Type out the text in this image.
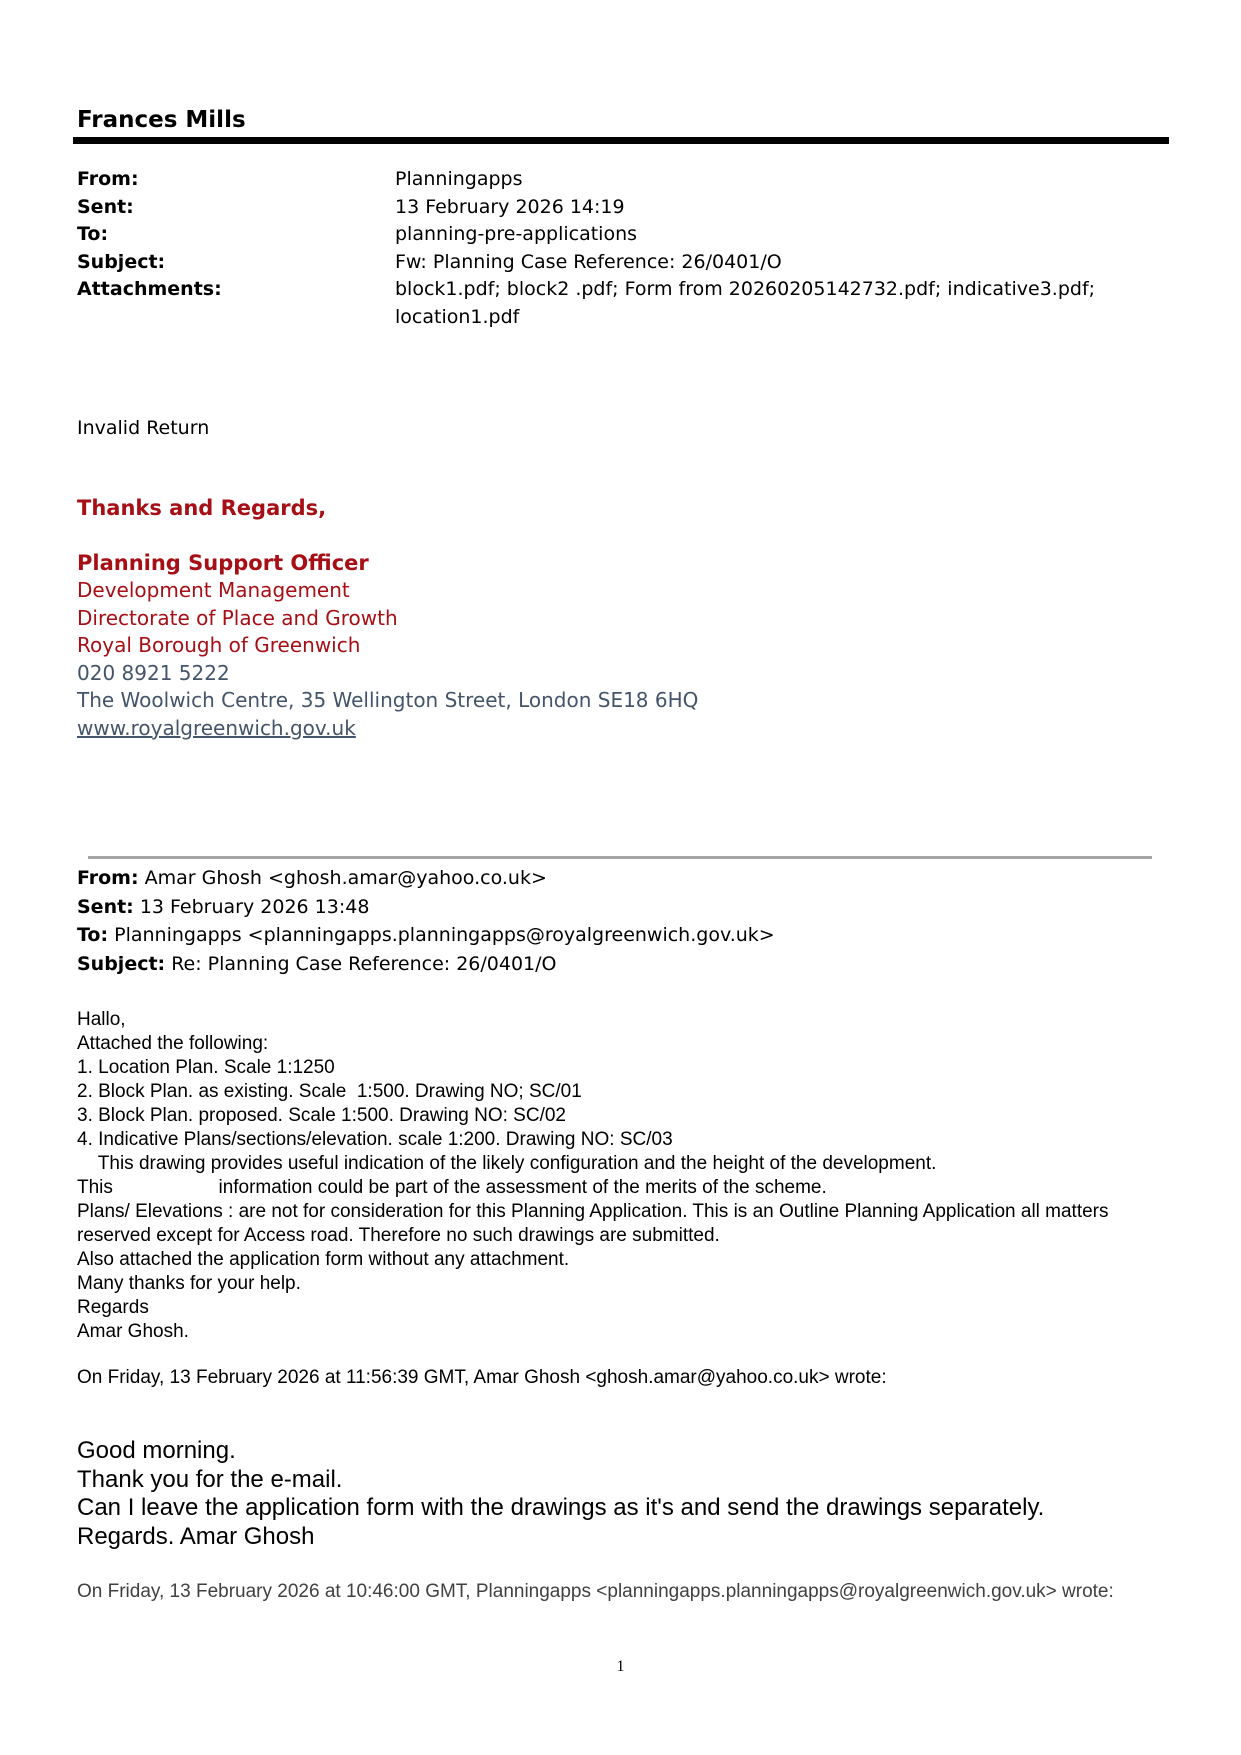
Frances Mills
From:	Planningapps
Sent:	13 February 2026 14:19
To:	planning-pre-applications
Subject:	Fw: Planning Case Reference: 26/0401/O
Attachments:	block1.pdf; block2 .pdf; Form from 20260205142732.pdf; indicative3.pdf;
location1.pdf
Invalid Return
Thanks and Regards,
Planning Support Officer
Development Management
Directorate of Place and Growth
Royal Borough of Greenwich
020 8921 5222
The Woolwich Centre, 35 Wellington Street, London SE18 6HQ
www.royalgreenwich.gov.uk
From: Amar Ghosh <ghosh.amar@yahoo.co.uk>
Sent: 13 February 2026 13:48
To: Planningapps <planningapps.planningapps@royalgreenwich.gov.uk>
Subject: Re: Planning Case Reference: 26/0401/O
Hallo,
Attached the following:
1. Location Plan. Scale 1:1250
2. Block Plan. as existing. Scale  1:500. Drawing NO; SC/01
3. Block Plan. proposed. Scale 1:500. Drawing NO: SC/02
4. Indicative Plans/sections/elevation. scale 1:200. Drawing NO: SC/03
This drawing provides useful indication of the likely configuration and the height of the development.
This                    information could be part of the assessment of the merits of the scheme.
Plans/ Elevations : are not for consideration for this Planning Application. This is an Outline Planning Application all matters reserved except for Access road. Therefore no such drawings are submitted.
Also attached the application form without any attachment.
Many thanks for your help.
Regards
Amar Ghosh.
On Friday, 13 February 2026 at 11:56:39 GMT, Amar Ghosh <ghosh.amar@yahoo.co.uk> wrote:
Good morning.
Thank you for the e-mail.
Can I leave the application form with the drawings as it's and send the drawings separately.
Regards. Amar Ghosh
On Friday, 13 February 2026 at 10:46:00 GMT, Planningapps <planningapps.planningapps@royalgreenwich.gov.uk> wrote:
1
